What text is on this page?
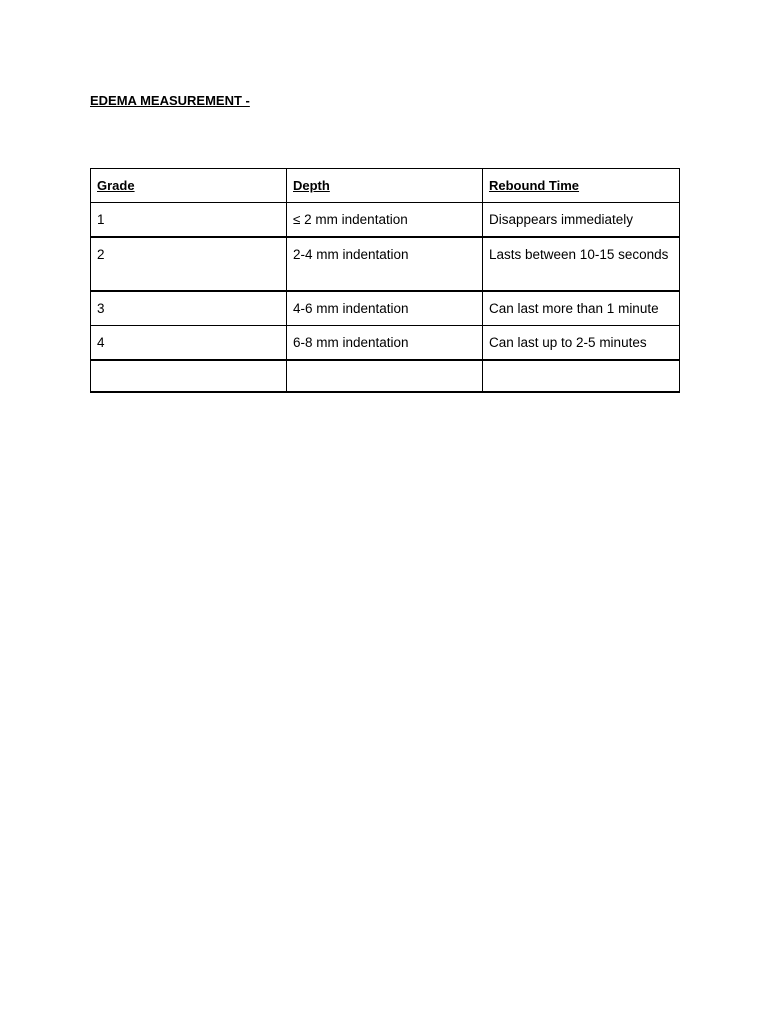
EDEMA MEASUREMENT -
Grade	Depth	Rebound Time
1	≤ 2 mm indentation	Disappears immediately
2	2-4 mm indentation	Lasts between 10-15 seconds
3	4-6 mm indentation	Can last more than 1 minute
4	6-8 mm indentation	Can last up to 2-5 minutes
